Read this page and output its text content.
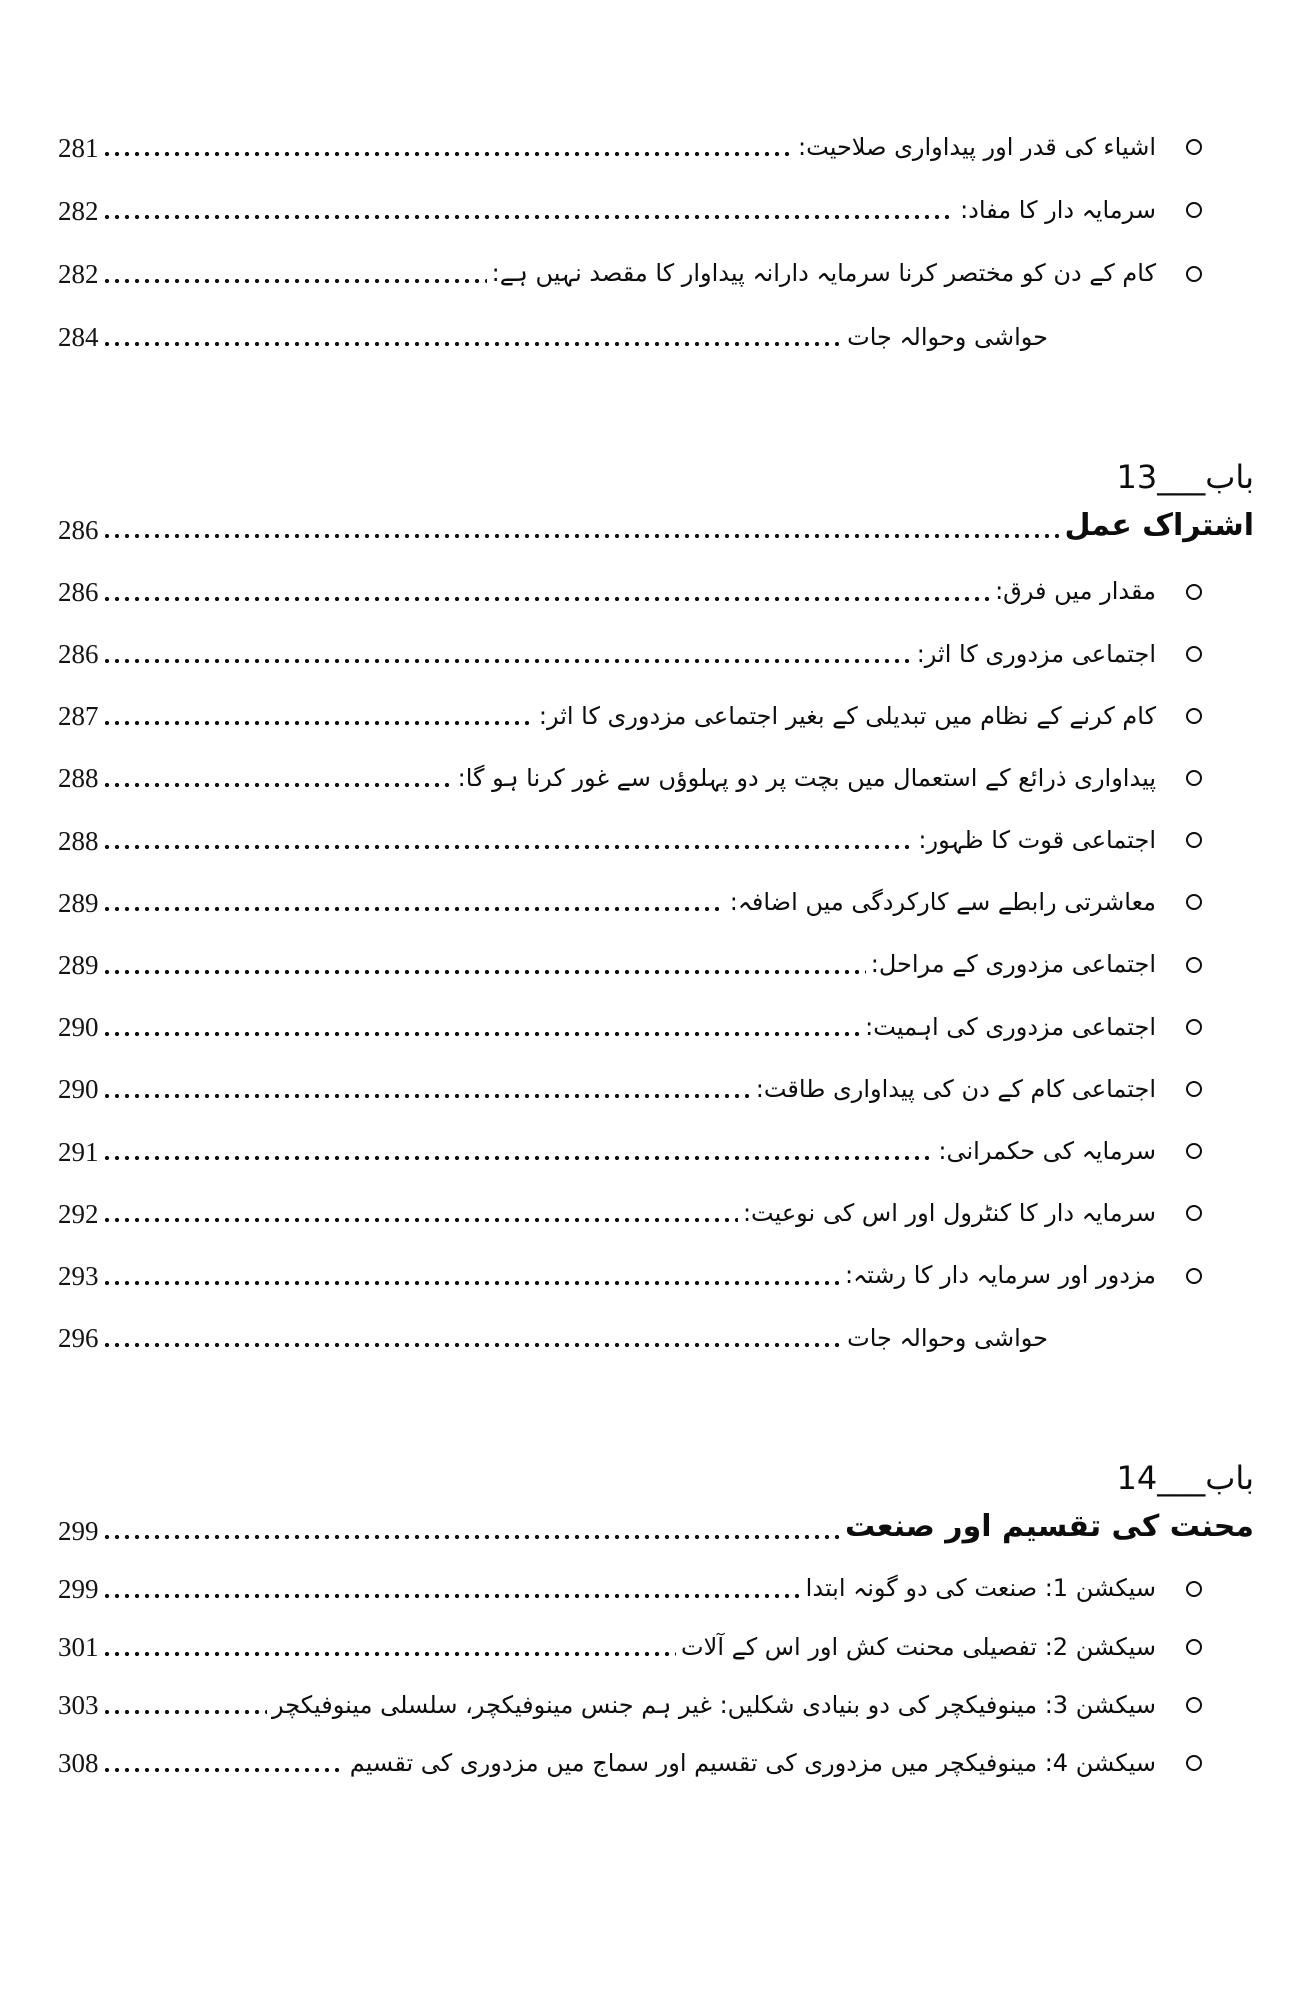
اشیاء کی قدر اور پیداواری صلاحیت:
281
سرمایہ دار کا مفاد:
282
کام کے دن کو مختصر کرنا سرمایہ دارانہ پیداوار کا مقصد نہیں ہے:
282
حواشی وحوالہ جات
284
باب___13
اشتراک عمل
286
مقدار میں فرق:
286
اجتماعی مزدوری کا اثر:
286
کام کرنے کے نظام میں تبدیلی کے بغیر اجتماعی مزدوری کا اثر:
287
پیداواری ذرائع کے استعمال میں بچت پر دو پہلوؤں سے غور کرنا ہو گا:
288
اجتماعی قوت کا ظہور:
288
معاشرتی رابطے سے کارکردگی میں اضافہ:
289
اجتماعی مزدوری کے مراحل:
289
اجتماعی مزدوری کی اہمیت:
290
اجتماعی کام کے دن کی پیداواری طاقت:
290
سرمایہ کی حکمرانی:
291
سرمایہ دار کا کنٹرول اور اس کی نوعیت:
292
مزدور اور سرمایہ دار کا رشتہ:
293
حواشی وحوالہ جات
296
باب___14
محنت کی تقسیم اور صنعت
299
سیکشن 1: صنعت کی دو گونہ ابتدا
299
سیکشن 2: تفصیلی محنت کش اور اس کے آلات
301
سیکشن 3: مینوفیکچر کی دو بنیادی شکلیں: غیر ہم جنس مینوفیکچر، سلسلی مینوفیکچر
303
سیکشن 4: مینوفیکچر میں مزدوری کی تقسیم اور سماج میں مزدوری کی تقسیم
308
